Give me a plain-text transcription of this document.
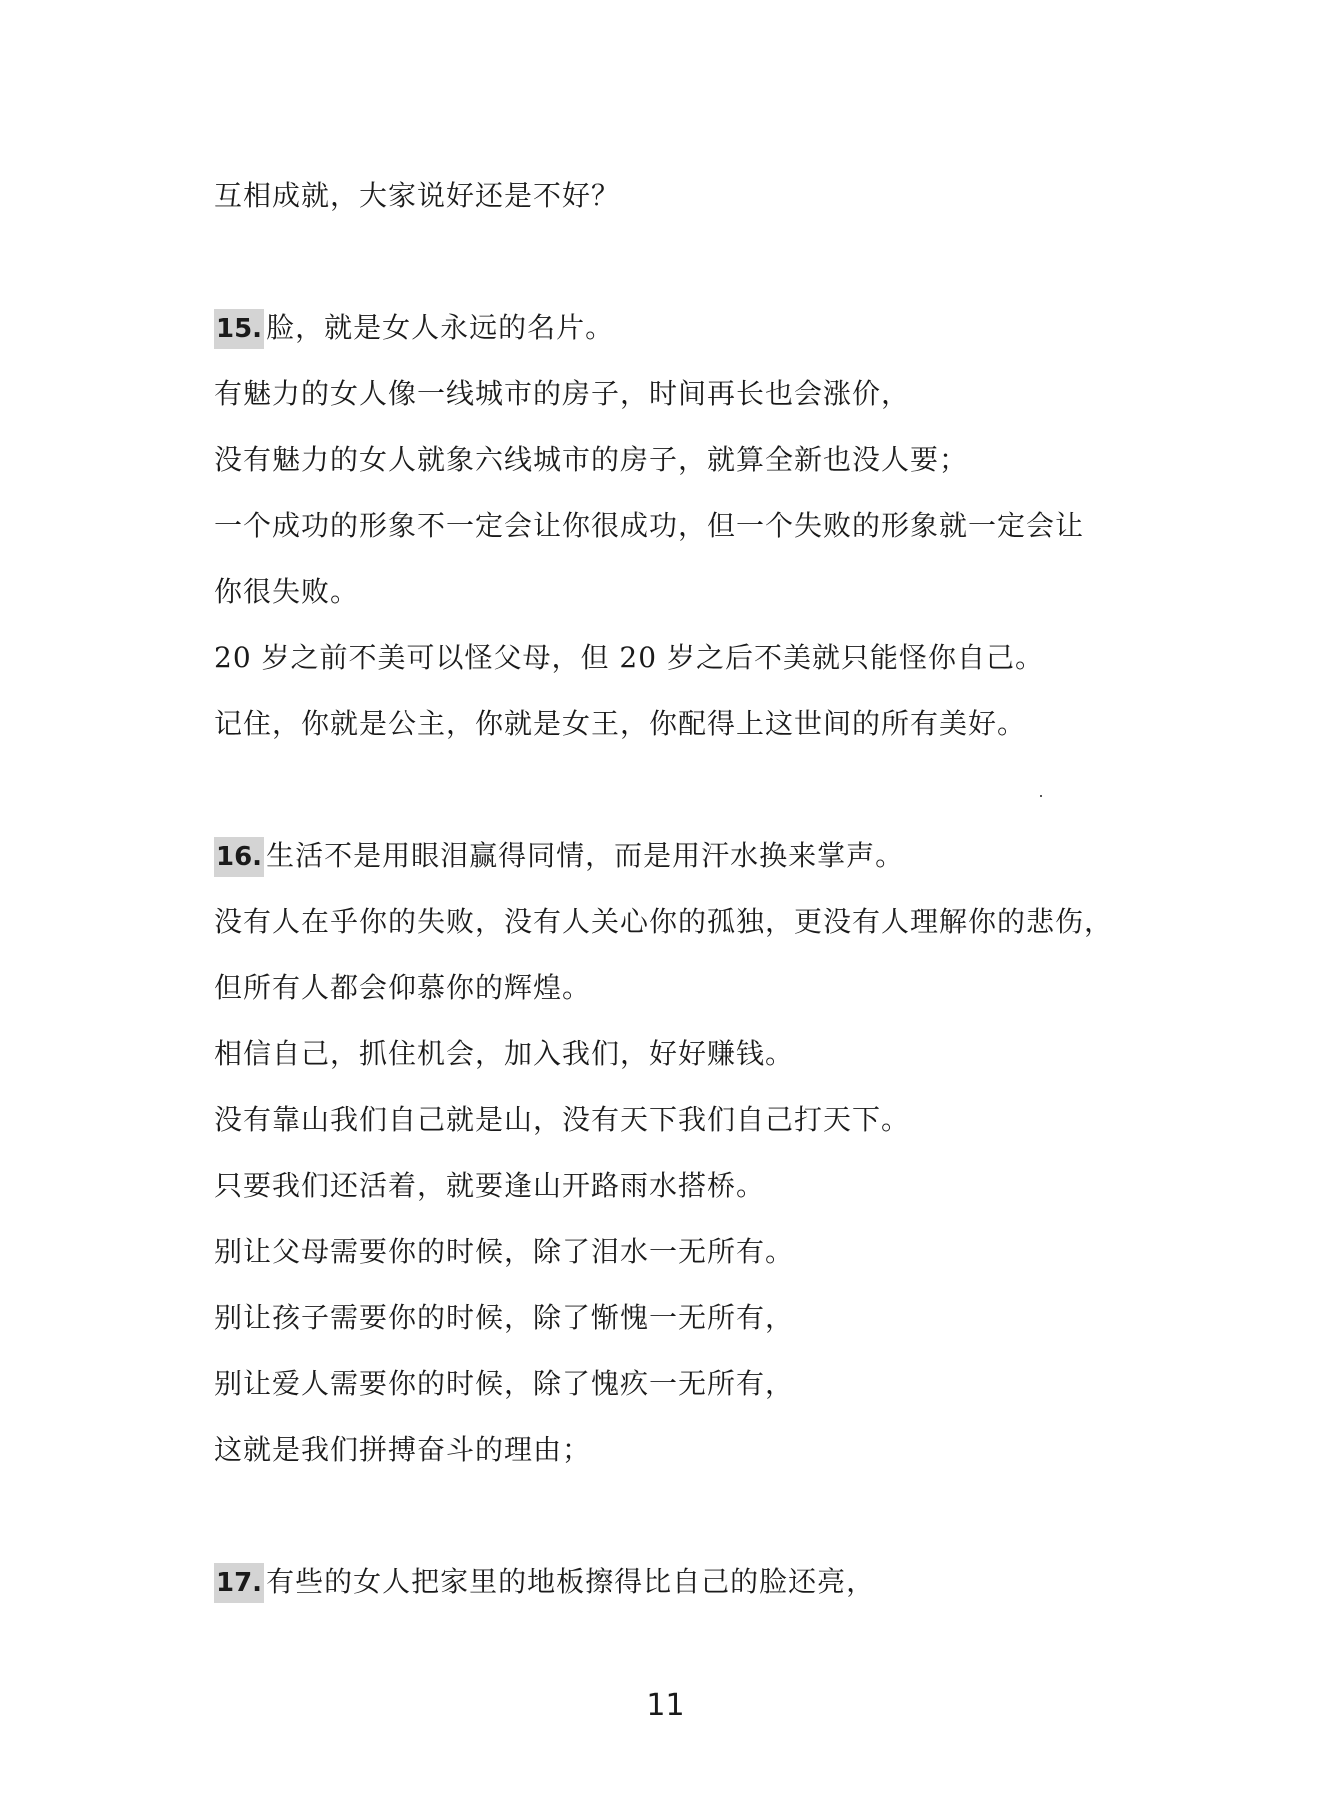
互相成就，大家说好还是不好？
15. 脸，就是女人永远的名片。
有魅力的女人像一线城市的房子，时间再长也会涨价，
没有魅力的女人就象六线城市的房子，就算全新也没人要；
一个成功的形象不一定会让你很成功，但一个失败的形象就一定会让
你很失败。
20 岁之前不美可以怪父母，但 20 岁之后不美就只能怪你自己。
记住，你就是公主，你就是女王，你配得上这世间的所有美好。
16. 生活不是用眼泪赢得同情，而是用汗水换来掌声。
没有人在乎你的失败，没有人关心你的孤独，更没有人理解你的悲伤，
但所有人都会仰慕你的辉煌。
相信自己，抓住机会，加入我们，好好赚钱。
没有靠山我们自己就是山，没有天下我们自己打天下。
只要我们还活着，就要逢山开路雨水搭桥。
别让父母需要你的时候，除了泪水一无所有。
别让孩子需要你的时候，除了惭愧一无所有，
别让爱人需要你的时候，除了愧疚一无所有，
这就是我们拼搏奋斗的理由；
17. 有些的女人把家里的地板擦得比自己的脸还亮，
11
